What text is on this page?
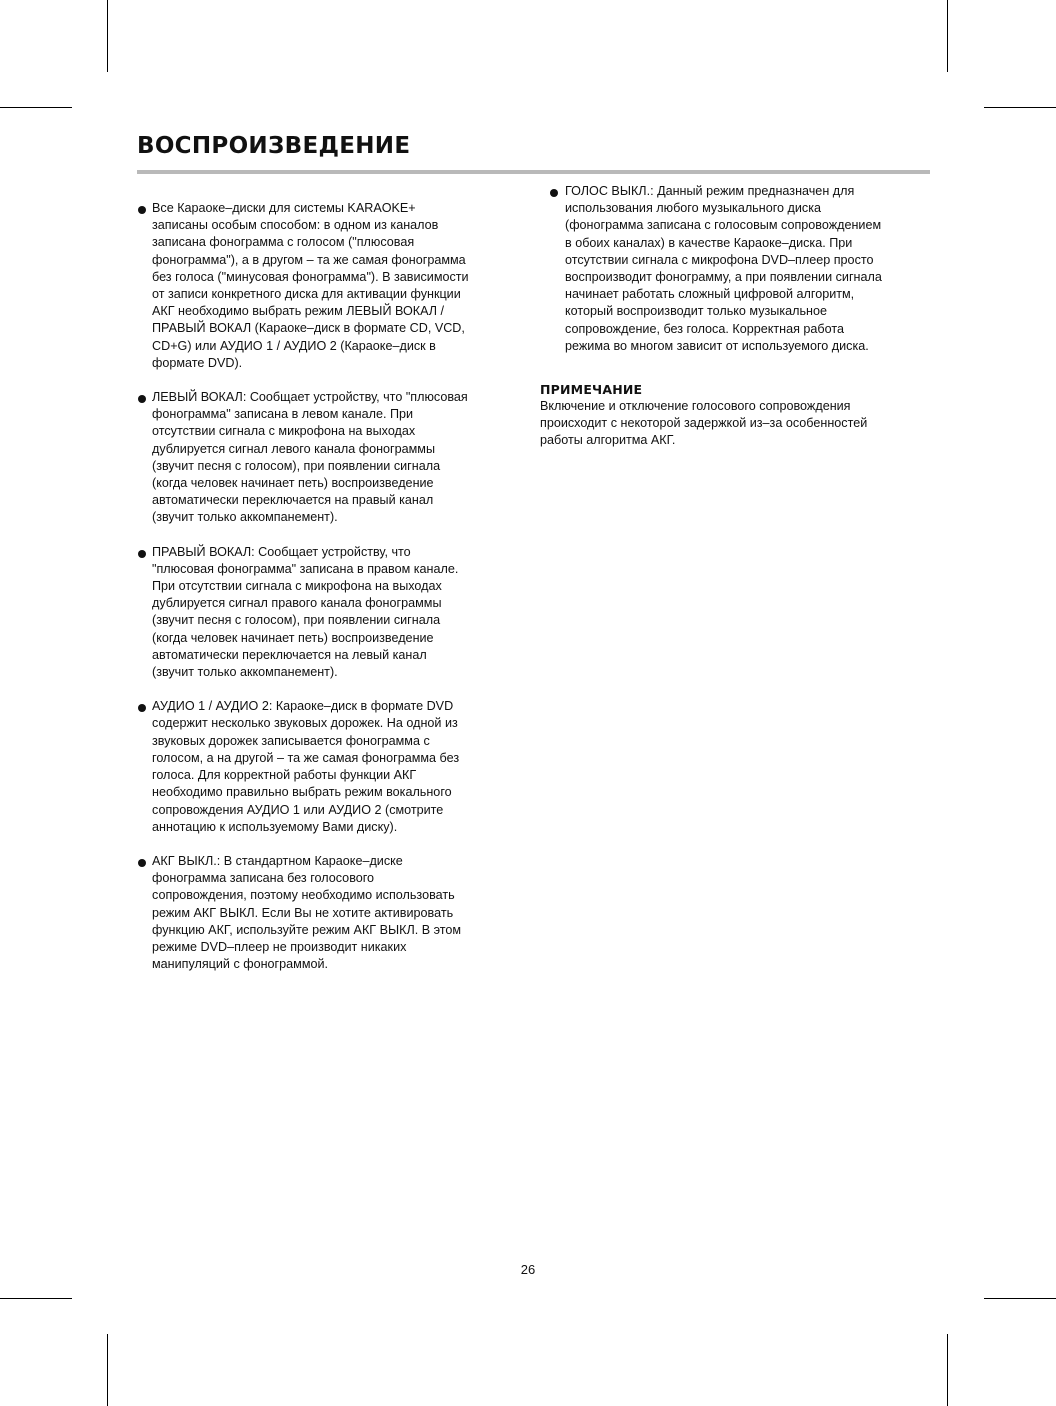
ВОСПРОИЗВЕДЕНИЕ

Все Караоке–диски для системы KARAOKE+
записаны особым способом: в одном из каналов
записана фонограмма с голосом ("плюсовая
фонограмма"), а в другом – та же самая фонограмма
без голоса ("минусовая фонограмма"). В зависимости
от записи конкретного диска для активации функции
АКГ необходимо выбрать режим ЛЕВЫЙ ВОКАЛ /
ПРАВЫЙ ВОКАЛ (Караоке–диск в формате CD, VCD,
CD+G) или АУДИО 1 / АУДИО 2 (Караоке–диск в
формате DVD).

ЛЕВЫЙ ВОКАЛ: Сообщает устройству, что "плюсовая
фонограмма" записана в левом канале. При
отсутствии сигнала с микрофона на выходах
дублируется сигнал левого канала фонограммы
(звучит песня с голосом), при появлении сигнала
(когда человек начинает петь) воспроизведение
автоматически переключается на правый канал
(звучит только аккомпанемент).

ПРАВЫЙ ВОКАЛ: Сообщает устройству, что
"плюсовая фонограмма" записана в правом канале.
При отсутствии сигнала с микрофона на выходах
дублируется сигнал правого канала фонограммы
(звучит песня с голосом), при появлении сигнала
(когда человек начинает петь) воспроизведение
автоматически переключается на левый канал
(звучит только аккомпанемент).

АУДИО 1 / АУДИО 2: Караоке–диск в формате DVD
содержит несколько звуковых дорожек. На одной из
звуковых дорожек записывается фонограмма с
голосом, а на другой – та же самая фонограмма без
голоса. Для корректной работы функции АКГ
необходимо правильно выбрать режим вокального
сопровождения АУДИО 1 или АУДИО 2 (смотрите
аннотацию к используемому Вами диску).

АКГ ВЫКЛ.: В стандартном Караоке–диске
фонограмма записана без голосового
сопровождения, поэтому необходимо использовать
режим АКГ ВЫКЛ. Если Вы не хотите активировать
функцию АКГ, используйте режим АКГ ВЫКЛ. В этом
режиме DVD–плеер не производит никаких
манипуляций с фонограммой.

ГОЛОС ВЫКЛ.: Данный режим предназначен для
использования любого музыкального диска
(фонограмма записана с голосовым сопровождением
в обоих каналах) в качестве Караоке–диска. При
отсутствии сигнала с микрофона DVD–плеер просто
воспроизводит фонограмму, а при появлении сигнала
начинает работать сложный цифровой алгоритм,
который воспроизводит только музыкальное
сопровождение, без голоса. Корректная работа
режима во многом зависит от используемого диска.

ПРИМЕЧАНИЕ

Включение и отключение голосового сопровождения
происходит с некоторой задержкой из–за особенностей
работы алгоритма АКГ.

26
